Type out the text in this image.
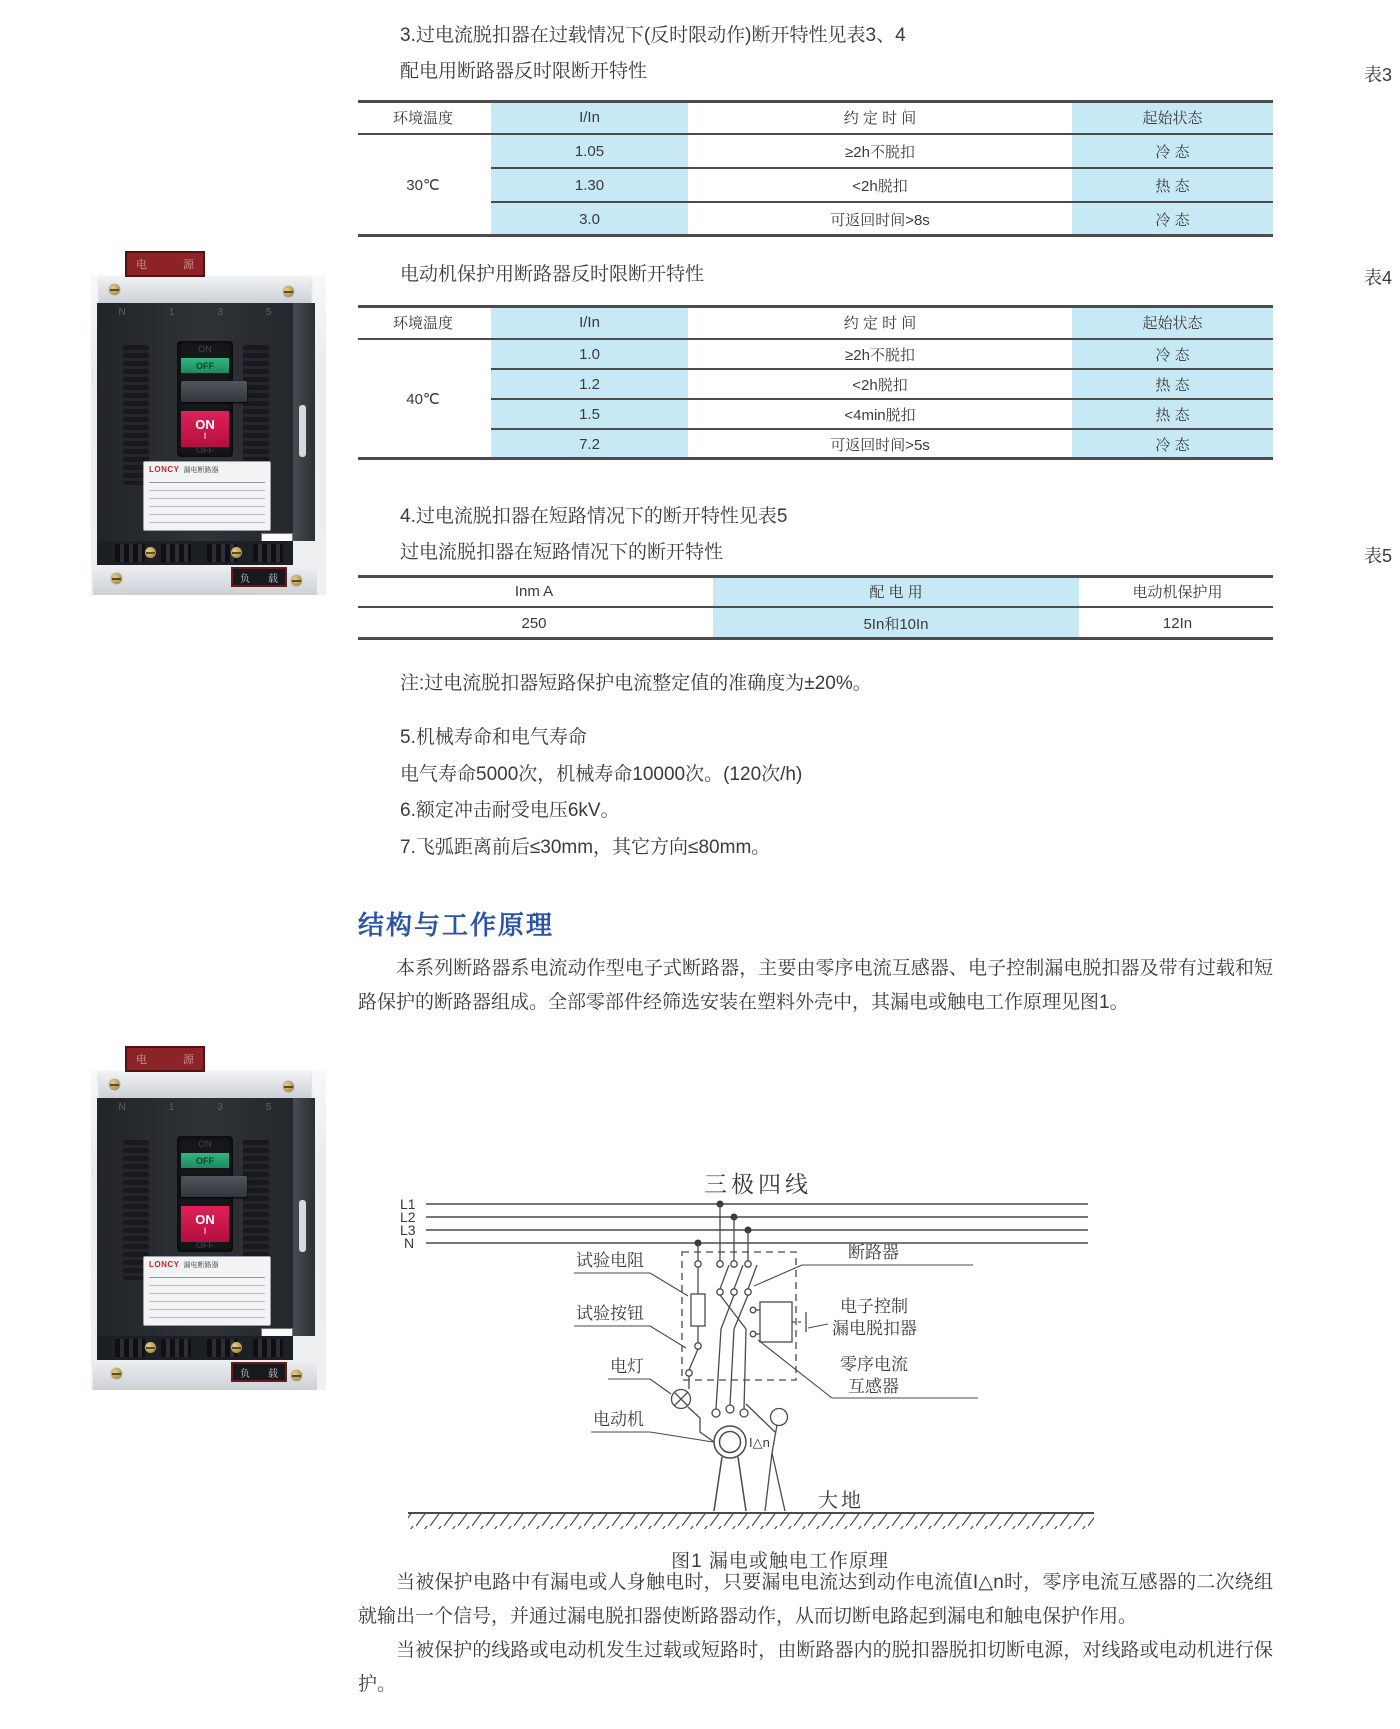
3.过电流脱扣器在过载情况下(反时限动作)断开特性见表3、4
配电用断路器反时限断开特性	表3
环境温度	I/In	约 定 时 间	起始状态
30℃
1.05	≥2h不脱扣	冷 态
1.30	<2h脱扣	热 态
3.0	可返回时间>8s	冷 态
电动机保护用断路器反时限断开特性	表4
环境温度	I/In	约 定 时 间	起始状态
40℃
1.0	≥2h不脱扣	冷 态
1.2	<2h脱扣	热 态
1.5	<4min脱扣	热 态
7.2	可返回时间>5s	冷 态
4.过电流脱扣器在短路情况下的断开特性见表5
过电流脱扣器在短路情况下的断开特性	表5
Inm A	配 电 用	电动机保护用
250	5In和10In	12In
注:过电流脱扣器短路保护电流整定值的准确度为±20%。
5.机械寿命和电气寿命
电气寿命5000次，机械寿命10000次。(120次/h)
6.额定冲击耐受电压6kV。
7.飞弧距离前后≤30mm，其它方向≤80mm。
结构与工作原理

本系列断路器系电流动作型电子式断路器，主要由零序电流互感器、电子控制漏电脱扣器及带有过载和短路保护的断路器组成。全部零部件经筛选安装在塑料外壳中，其漏电或触电工作原理见图1。

三极四线
L1
L2
L3
N
I△n
大地
断路器
电子控制
漏电脱扣器
零序电流
互感器
试验电阻
试验按钮
电灯
电动机
图1 漏电或触电工作原理

当被保护电路中有漏电或人身触电时，只要漏电电流达到动作电流值I△n时，零序电流互感器的二次绕组就输出一个信号，并通过漏电脱扣器使断路器动作，从而切断电路起到漏电和触电保护作用。

当被保护的线路或电动机发生过载或短路时，由断路器内的脱扣器脱扣切断电源，对线路或电动机进行保护。

电	源
N	1	3	5
ON
OFF
ON
I
OFF
LONCY 漏电断路器
负 载
电	源
N	1	3	5
ON
OFF
ON
I
OFF
LONCY 漏电断路器
负 载
